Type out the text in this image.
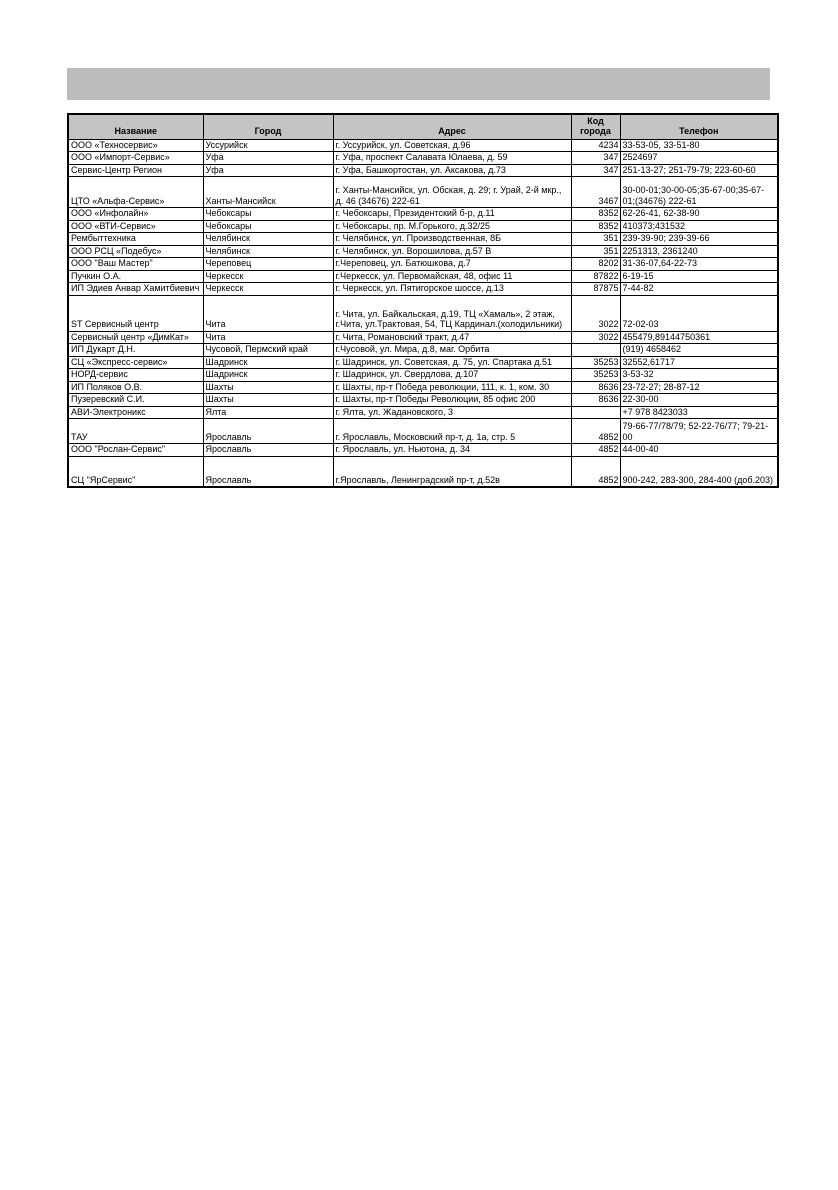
Название	Город	Адрес	Код города	Телефон
ООО «Техносервис»	Уссурийск	г. Уссурийск, ул. Советская, д.96	4234	33-53-05, 33-51-80
ООО «Импорт-Сервис»	Уфа	г. Уфа, проспект Салавата Юлаева, д. 59	347	2524697
Сервис-Центр Регион	Уфа	г. Уфа, Башкортостан, ул. Аксакова, д.73	347	251-13-27; 251-79-79; 223-60-60
ЦТО «Альфа-Сервис»	Ханты-Мансийск	г. Ханты-Мансийск, ул. Обская, д. 29; г. Урай, 2-й мкр., д. 46 (34676) 222-61	3467	30-00-01;30-00-05;35-67-00;35-67-01;(34676) 222-61
ООО «Инфолайн»	Чебоксары	г. Чебоксары, Президентский б-р, д.11	8352	62-26-41, 62-38-90
ООО «ВТИ-Сервис»	Чебоксары	г. Чебоксары, пр. М.Горького, д.32/25	8352	410373;431532
Рембыттехника	Челябинск	г. Челябинск, ул. Производственная, 8Б	351	239-39-90; 239-39-66
ООО РСЦ «Подебус»	Челябинск	г. Челябинск, ул. Ворошилова, д.57 В	351	2251313, 2361240
ООО "Ваш Мастер"	Череповец	г.Череповец, ул. Батюшкова, д.7	8202	31-36-07,64-22-73
Пучкин О.А.	Черкесск	г.Черкесск, ул. Первомайская, 48, офис 11	87822	6-19-15
ИП Эдиев Анвар Хамитбиевич	Черкесск	г. Черкесск, ул. Пятигорское шоссе, д.13	87875	7-44-82
ST Сервисный центр	Чита	г. Чита, ул. Байкальская, д.19, ТЦ «Хамаль», 2 этаж, г.Чита, ул.Трактовая, 54, ТЦ Кардинал.(холодильники)	3022	72-02-03
Сервисный центр «ДимКат»	Чита	г. Чита, Романовский тракт, д.47	3022	455479,89144750361
ИП Дукарт Д.Н.	Чусовой, Пермский край	г.Чусовой, ул. Мира, д.8, маг. Орбита		(919) 4658462
СЦ «Экспресс-сервис»	Шадринск	г. Шадринск, ул. Советская, д. 75, ул. Спартака д.51	35253	32552,61717
НОРД-сервис	Шадринск	г. Шадринск, ул. Свердлова, д.107	35253	3-53-32
ИП Поляков О.В.	Шахты	г. Шахты, пр-т Победа революции, 111, к. 1, ком. 30	8636	23-72-27; 28-87-12
Пузеревский С.И.	Шахты	г. Шахты, пр-т Победы Революции, 85 офис 200	8636	22-30-00
АВИ-Электроникс	Ялта	г. Ялта, ул. Жадановского, 3		+7 978 8423033
ТАУ	Ярославль	г. Ярославль, Московский пр-т, д. 1а, стр. 5	4852	79-66-77/78/79; 52-22-76/77; 79-21-00
ООО "Рослан-Сервис"	Ярославль	г. Ярославль, ул. Ньютона, д. 34	4852	44-00-40
СЦ "ЯрСервис"	Ярославль	г.Ярославль, Ленинградский пр-т, д.52в	4852	900-242, 283-300, 284-400 (доб.203)
